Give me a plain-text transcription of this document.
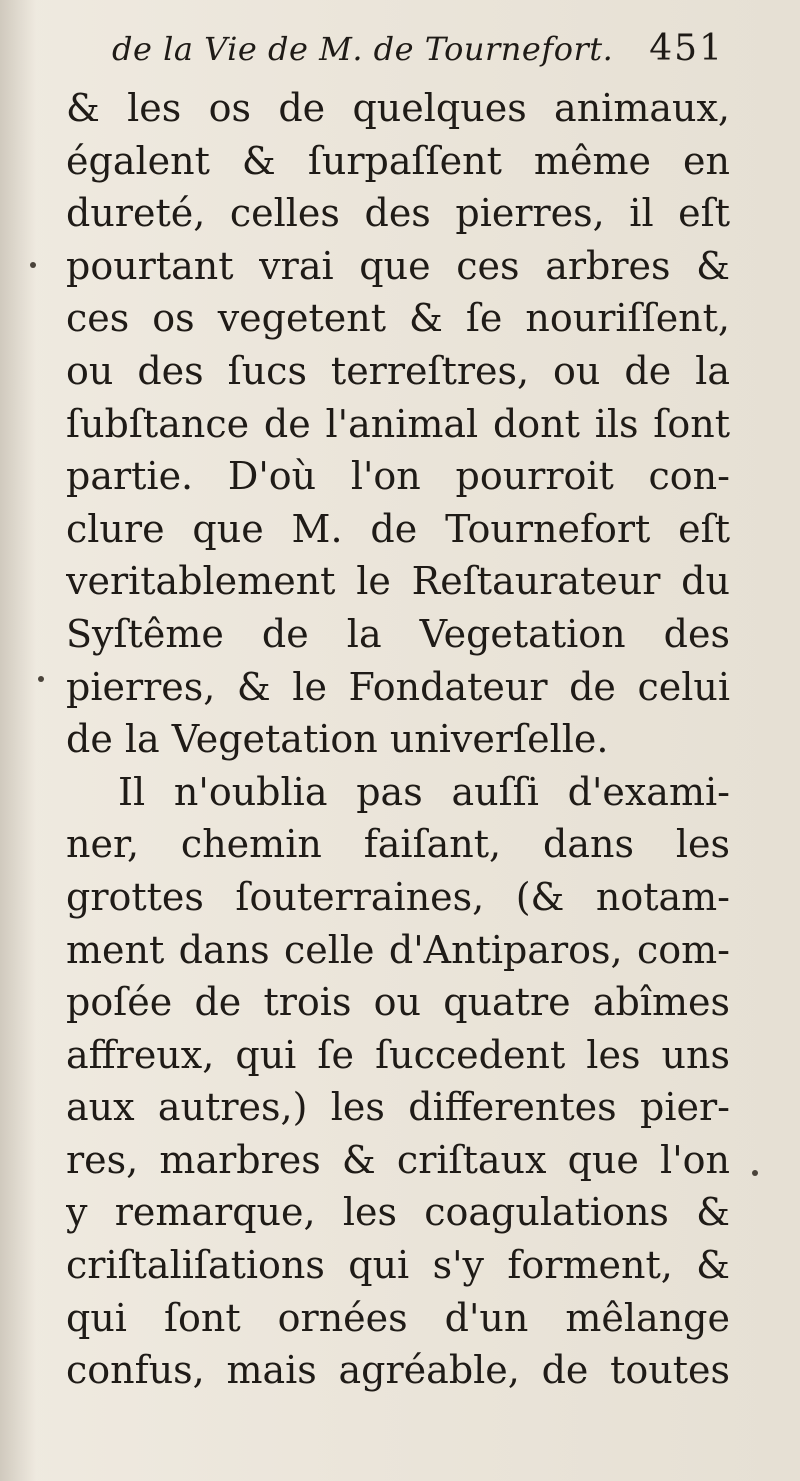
de la Vie de M. de Tournefort. 451
& les os de quelques animaux,
égalent & ſurpaſſent même en
dureté, celles des pierres, il eſt
pourtant vrai que ces arbres &
ces os vegetent & ſe nouriſſent,
ou des ſucs terreſtres, ou de la
ſubſtance de l'animal dont ils ſont
partie. D'où l'on pourroit con-
clure que M. de Tournefort eſt
veritablement le Reſtaurateur du
Syſtême de la Vegetation des
pierres, & le Fondateur de celui
de la Vegetation univerſelle.
Il n'oublia pas auſſi d'exami-
ner, chemin faiſant, dans les
grottes ſouterraines, (& notam-
ment dans celle d'Antiparos, com-
poſée de trois ou quatre abîmes
affreux, qui ſe ſuccedent les uns
aux autres,) les differentes pier-
res, marbres & criſtaux que l'on
y remarque, les coagulations &
criſtaliſations qui s'y forment, &
qui ſont ornées d'un mêlange
confus, mais agréable, de toutes
